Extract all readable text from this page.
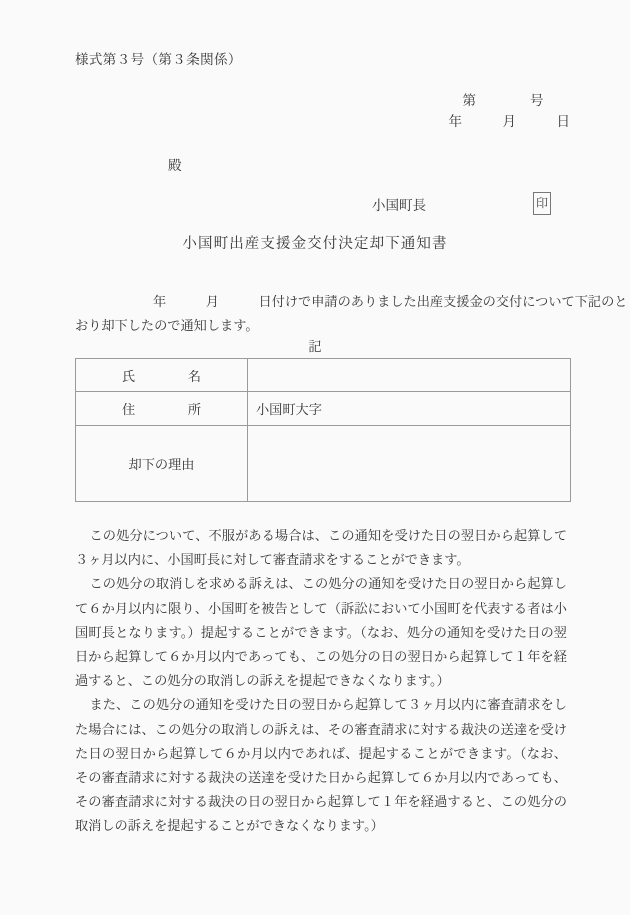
様式第３号（第３条関係）
第　　　　号
年　　　月　　　日
殿
小国町長	印
小国町出産支援金交付決定却下通知書
年　　　月　　　日付けで申請のありました出産支援金の交付について下記のとおり却下したので通知します。
記
氏　　　　名	
住　　　　所	小国町大字
却下の理由	

この処分について、不服がある場合は、この通知を受けた日の翌日から起算して３ヶ月以内に、小国町長に対して審査請求をすることができます。

この処分の取消しを求める訴えは、この処分の通知を受けた日の翌日から起算して６か月以内に限り、小国町を被告として（訴訟において小国町を代表する者は小国町長となります。）提起することができます。（なお、処分の通知を受けた日の翌日から起算して６か月以内であっても、この処分の日の翌日から起算して１年を経過すると、この処分の取消しの訴えを提起できなくなります。）

また、この処分の通知を受けた日の翌日から起算して３ヶ月以内に審査請求をした場合には、この処分の取消しの訴えは、その審査請求に対する裁決の送達を受けた日の翌日から起算して６か月以内であれば、提起することができます。（なお、その審査請求に対する裁決の送達を受けた日から起算して６か月以内であっても、その審査請求に対する裁決の日の翌日から起算して１年を経過すると、この処分の取消しの訴えを提起することができなくなります。）
